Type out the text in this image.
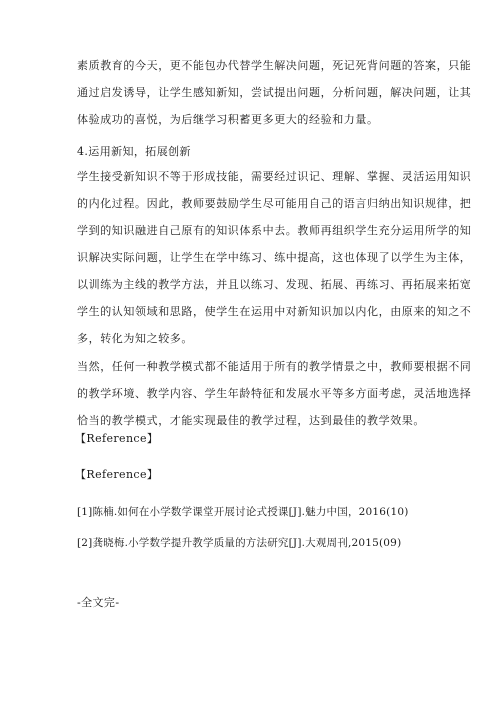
素质教育的今天，更不能包办代替学生解决问题，死记死背问题的答案，只能

通过启发诱导，让学生感知新知，尝试提出问题，分析问题，解决问题，让其

体验成功的喜悦，为后继学习积蓄更多更大的经验和力量。

4.运用新知，拓展创新

学生接受新知识不等于形成技能，需要经过识记、理解、掌握、灵活运用知识

的内化过程。因此，教师要鼓励学生尽可能用自己的语言归纳出知识规律，把

学到的知识融进自己原有的知识体系中去。教师再组织学生充分运用所学的知

识解决实际问题，让学生在学中练习、练中提高，这也体现了以学生为主体，

以训练为主线的教学方法，并且以练习、发现、拓展、再练习、再拓展来拓宽

学生的认知领域和思路，使学生在运用中对新知识加以内化，由原来的知之不

多，转化为知之较多。

当然，任何一种教学模式都不能适用于所有的教学情景之中，教师要根据不同

的教学环境、教学内容、学生年龄特征和发展水平等多方面考虑，灵活地选择

恰当的教学模式，才能实现最佳的教学过程，达到最佳的教学效果。

【Reference】
【Reference】
[1]陈楠.如何在小学数学课堂开展讨论式授课[J].魅力中国，2016(10)
[2]龚晓梅.小学数学提升教学质量的方法研究[J].大观周刊,2015(09)
-全文完-
